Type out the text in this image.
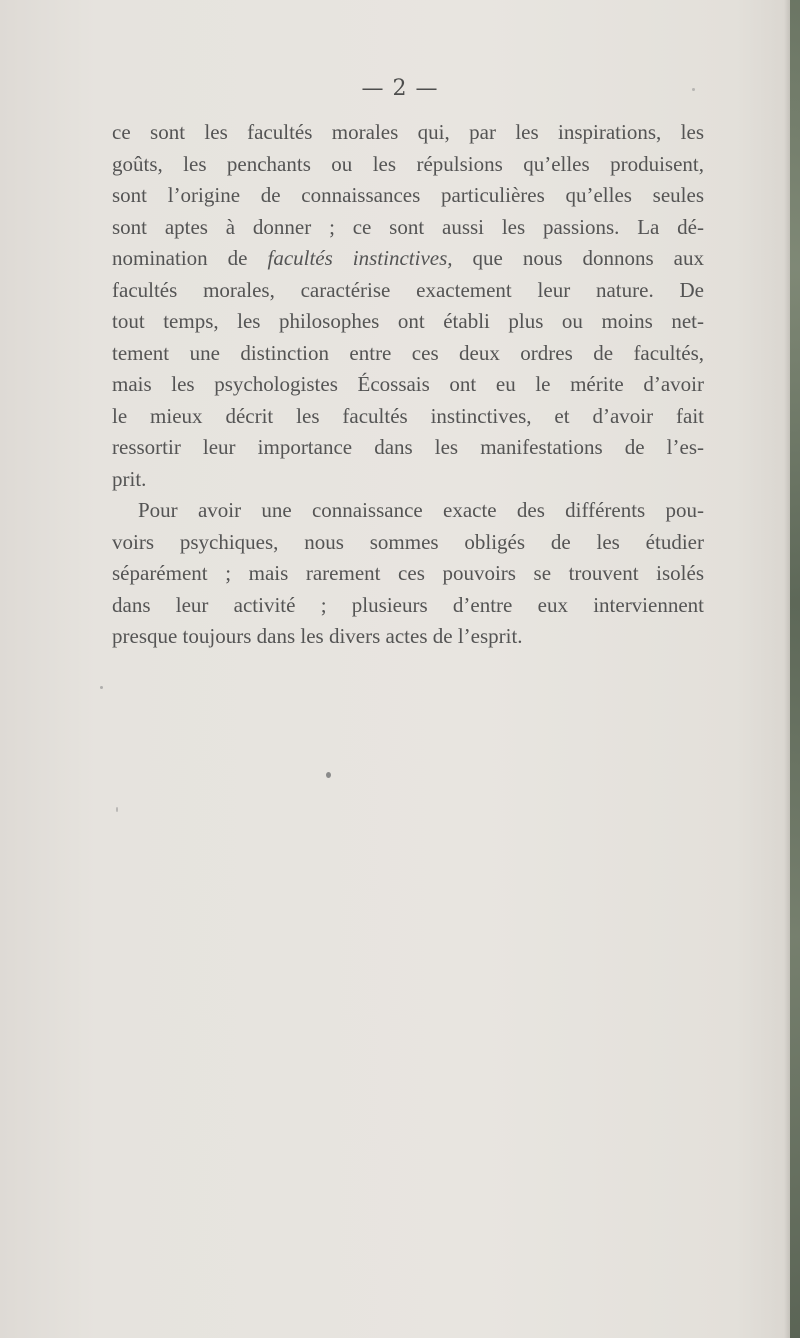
— 2 —

ce sont les facultés morales qui, par les inspirations, les
goûts, les penchants ou les répulsions qu’elles produisent,
sont l’origine de connaissances particulières qu’elles seules
sont aptes à donner ; ce sont aussi les passions. La dé-
nomination de facultés instinctives, que nous donnons aux
facultés morales, caractérise exactement leur nature. De
tout temps, les philosophes ont établi plus ou moins net-
tement une distinction entre ces deux ordres de facultés,
mais les psychologistes Écossais ont eu le mérite d’avoir
le mieux décrit les facultés instinctives, et d’avoir fait
ressortir leur importance dans les manifestations de l’es-
prit.

Pour avoir une connaissance exacte des différents pou-
voirs psychiques, nous sommes obligés de les étudier
séparément ; mais rarement ces pouvoirs se trouvent isolés
dans leur activité ; plusieurs d’entre eux interviennent
presque toujours dans les divers actes de l’esprit.
